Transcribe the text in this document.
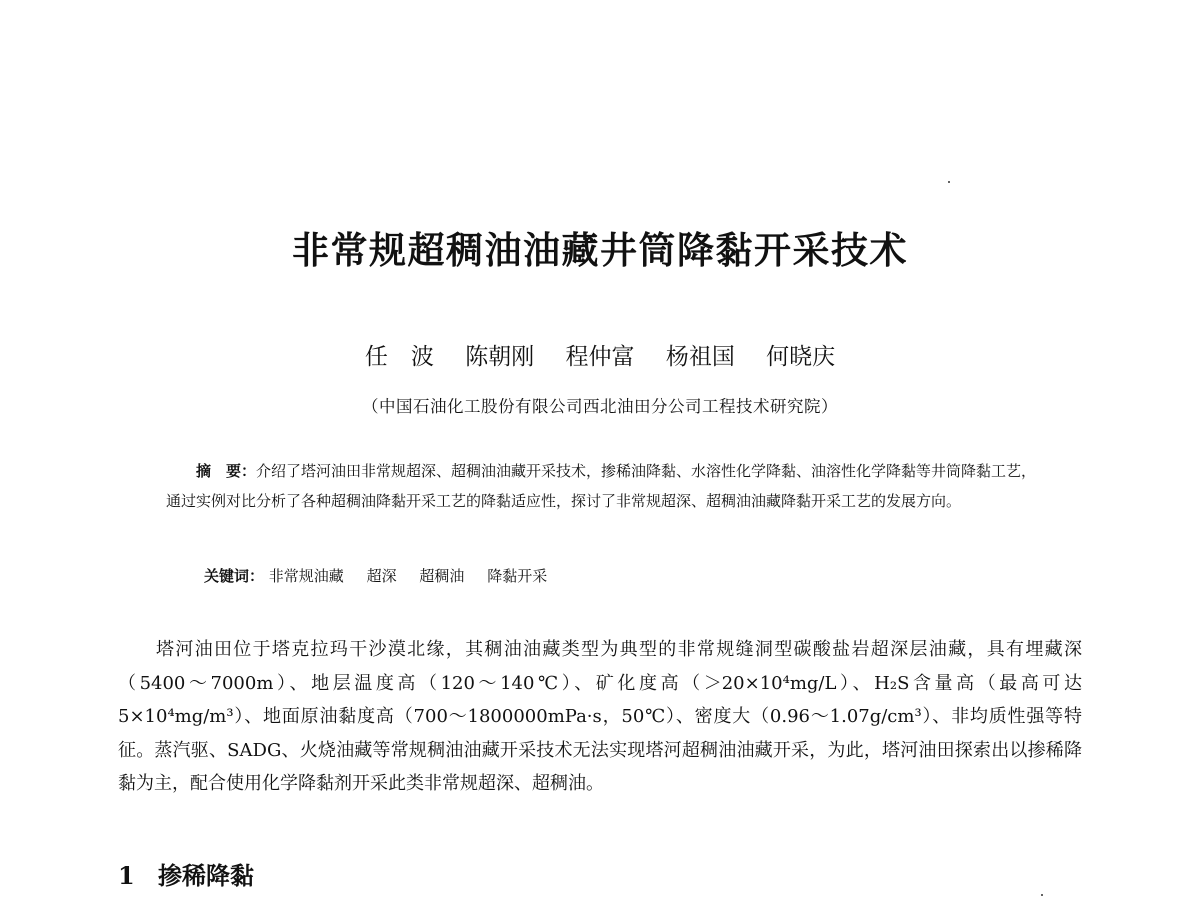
非常规超稠油油藏井筒降黏开采技术
任　波 陈朝刚 程仲富 杨祖国 何晓庆
（中国石油化工股份有限公司西北油田分公司工程技术研究院）

摘　要：介绍了塔河油田非常规超深、超稠油油藏开采技术，掺稀油降黏、水溶性化学降黏、油溶性化学降黏等井筒降黏工艺，通过实例对比分析了各种超稠油降黏开采工艺的降黏适应性，探讨了非常规超深、超稠油油藏降黏开采工艺的发展方向。

关键词： 非常规油藏 超深 超稠油 降黏开采

塔河油田位于塔克拉玛干沙漠北缘，其稠油油藏类型为典型的非常规缝洞型碳酸盐岩超深层油藏，具有埋藏深（5400～7000m）、地层温度高（120～140℃）、矿化度高（＞20×10⁴mg/L）、H₂S含量高（最高可达5×10⁴mg/m³）、地面原油黏度高（700～1800000mPa·s，50℃）、密度大（0.96～1.07g/cm³）、非均质性强等特征。蒸汽驱、SADG、火烧油藏等常规稠油油藏开采技术无法实现塔河超稠油油藏开采，为此，塔河油田探索出以掺稀降黏为主，配合使用化学降黏剂开采此类非常规超深、超稠油。

1 掺稀降黏
